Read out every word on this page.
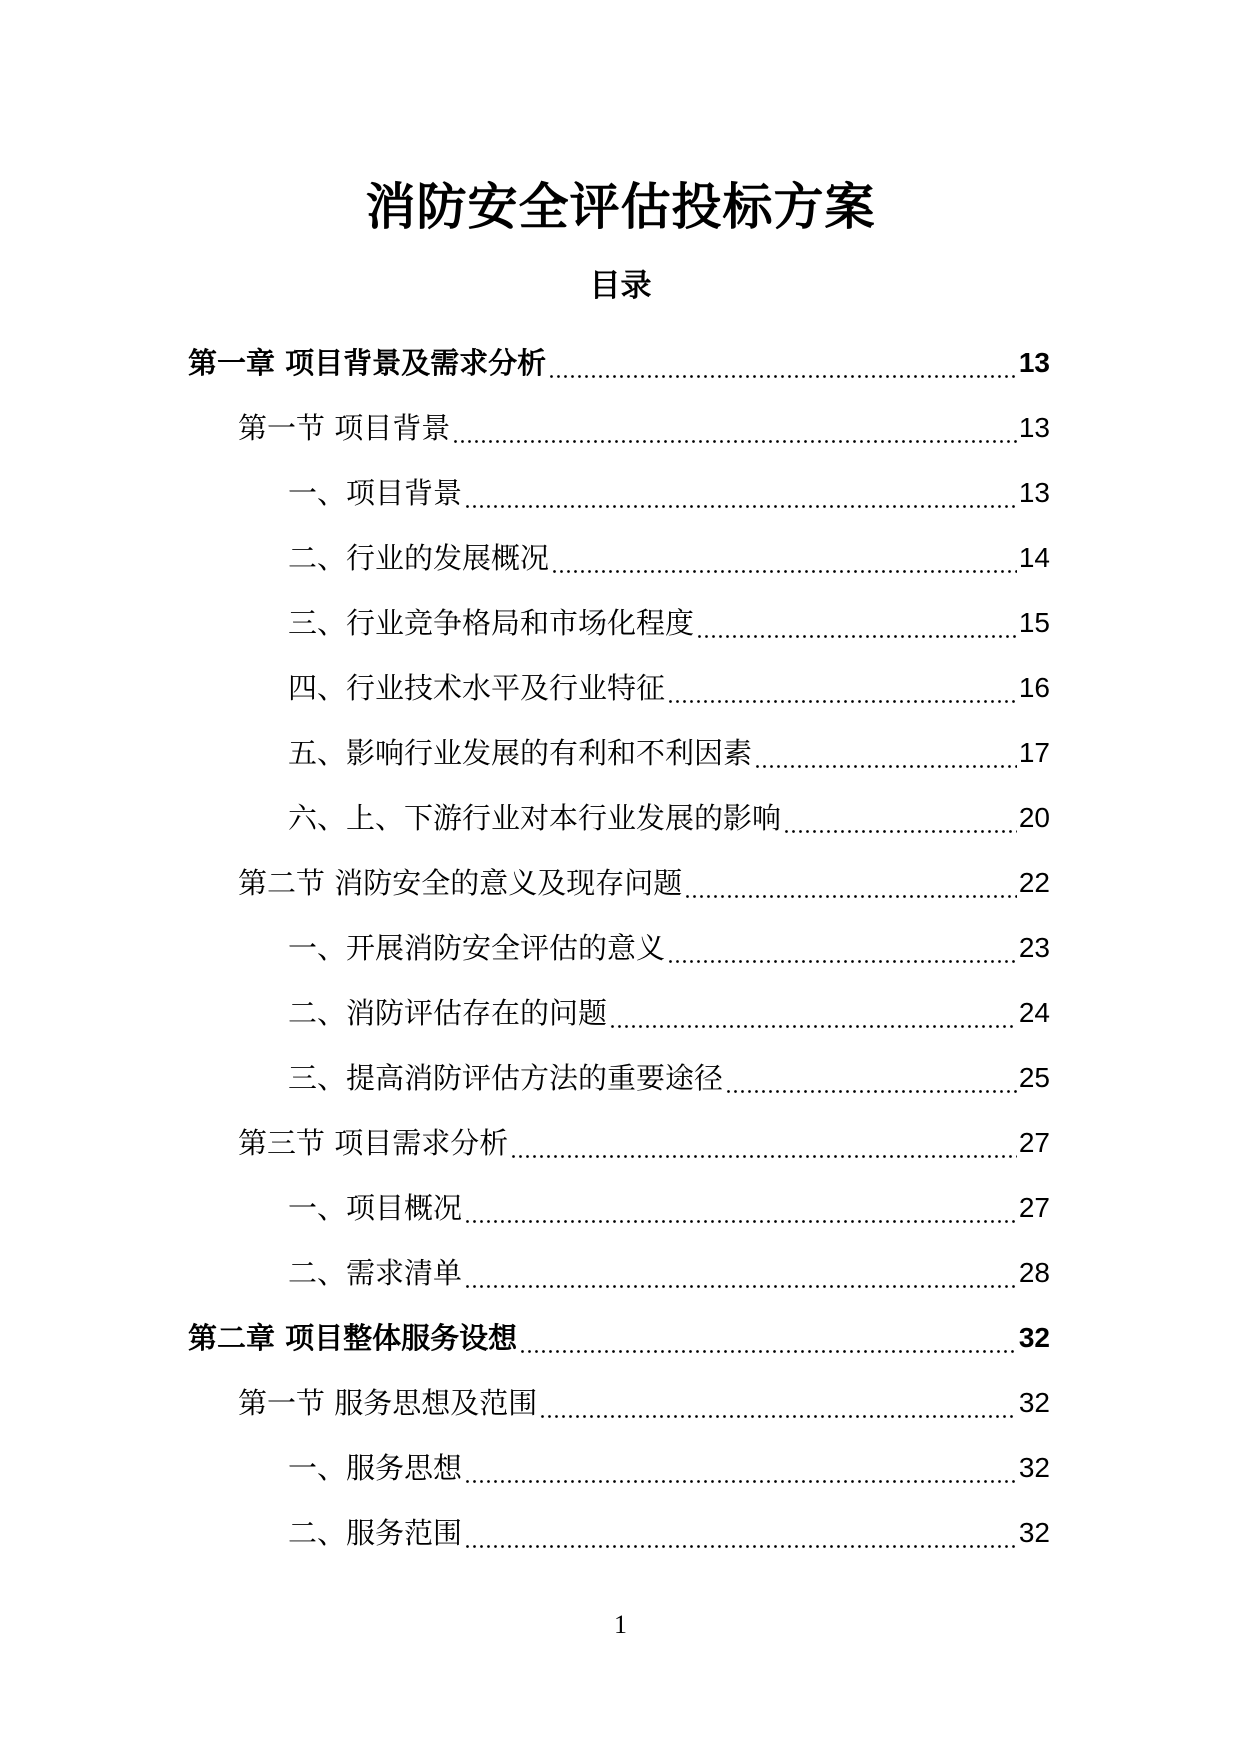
消防安全评估投标方案
目录
第一章 项目背景及需求分析	13
第一节 项目背景	13
一、项目背景	13
二、行业的发展概况	14
三、行业竞争格局和市场化程度	15
四、行业技术水平及行业特征	16
五、影响行业发展的有利和不利因素	17
六、上、下游行业对本行业发展的影响	20
第二节 消防安全的意义及现存问题	22
一、开展消防安全评估的意义	23
二、消防评估存在的问题	24
三、提高消防评估方法的重要途径	25
第三节 项目需求分析	27
一、项目概况	27
二、需求清单	28
第二章 项目整体服务设想	32
第一节 服务思想及范围	32
一、服务思想	32
二、服务范围	32
1
